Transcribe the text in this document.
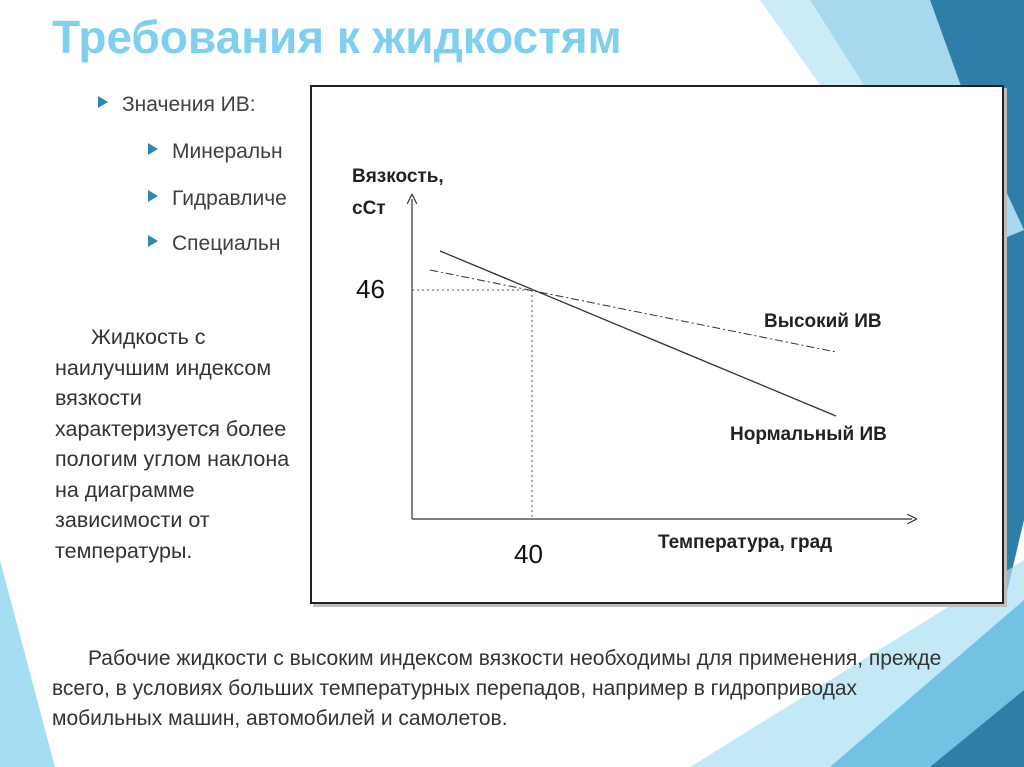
Требования к жидкостям
Значения ИВ:
Минеральн
Гидравличе
Специальн
Жидкость с наилучшим индексом вязкости характеризуется более пологим углом наклона на диаграмме зависимости от температуры.
Вязкость,
сСт
46
40	Температура, град
Высокий ИВ
Нормальный ИВ
Рабочие жидкости с высоким индексом вязкости необходимы для применения, прежде всего, в условиях больших температурных перепадов, например в гидроприводах мобильных машин, автомобилей и самолетов.
